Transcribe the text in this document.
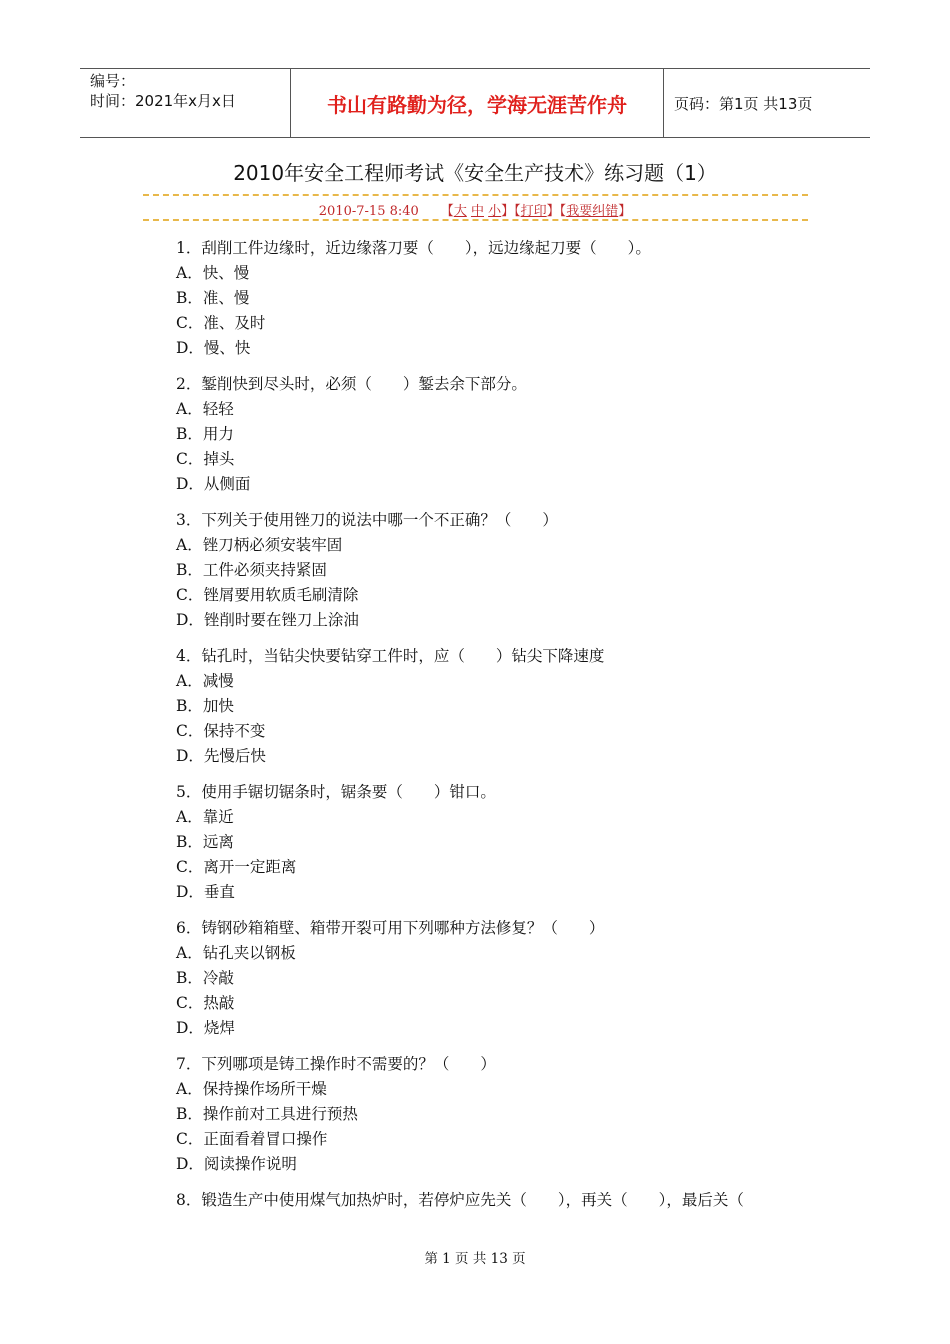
编号：
时间：2021年x月x日	书山有路勤为径，学海无涯苦作舟	页码：第1页 共13页
2010年安全工程师考试《安全生产技术》练习题（1）
2010-7-15 8:40 【大 中 小】【打印】【我要纠错】
1．刮削工件边缘时，近边缘落刀要（　　），远边缘起刀要（　　）。
A．快、慢
B．准、慢
C．准、及时
D．慢、快
2．錾削快到尽头时，必须（　　）錾去余下部分。
A．轻轻
B．用力
C．掉头
D．从侧面
3．下列关于使用锉刀的说法中哪一个不正确？（　　）
A．锉刀柄必须安装牢固
B．工件必须夹持紧固
C．锉屑要用软质毛刷清除
D．锉削时要在锉刀上涂油
4．钻孔时，当钻尖快要钻穿工件时，应（　　）钻尖下降速度
A．减慢
B．加快
C．保持不变
D．先慢后快
5．使用手锯切锯条时，锯条要（　　）钳口。
A．靠近
B．远离
C．离开一定距离
D．垂直
6．铸钢砂箱箱壁、箱带开裂可用下列哪种方法修复？（　　）
A．钻孔夹以钢板
B．冷敲
C．热敲
D．烧焊
7．下列哪项是铸工操作时不需要的？（　　）
A．保持操作场所干燥
B．操作前对工具进行预热
C．正面看着冒口操作
D．阅读操作说明
8．锻造生产中使用煤气加热炉时，若停炉应先关（　　），再关（　　），最后关（
第 1 页 共 13 页
